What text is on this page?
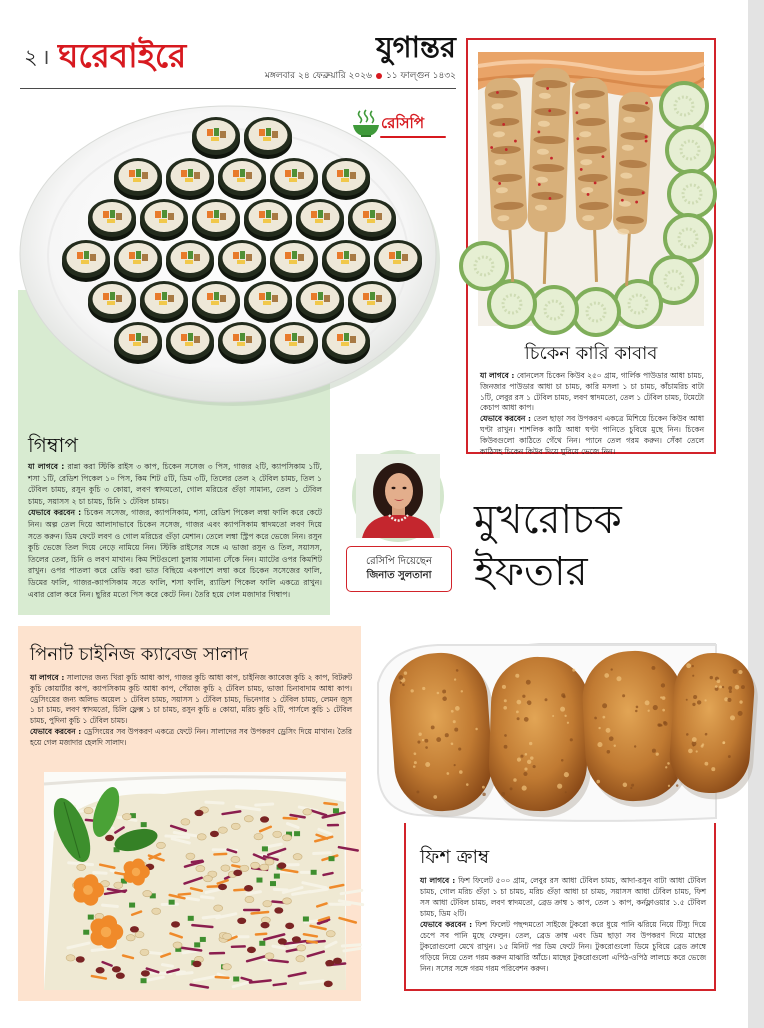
২ । ঘরেবাইরে	যুগান্তর
মঙ্গলবার ২৪ ফেব্রুয়ারি ২০২৬ ১১ ফাল্গুন ১৪৩২
রেসিপি
গিম্বাপ

যা লাগবে : রান্না করা স্টিকি রাইস ৩ কাপ, চিকেন সসেজ ৩ পিস, গাজর ২টি, ক্যাপসিকাম ১টি, শসা ১টি, রেডিশ পিকেল ১০ পিস, কিম শিট ৫টি, ডিম ৩টি, তিলের তেল ২ টেবিল চামচ, তিল ১ টেবিল চামচ, রসুন কুচি ৩ কোয়া, লবণ স্বাদমতো, গোল মরিচের গুঁড়া সামান্য, তেল ১ টেবিল চামচ, সয়াসস ২ চা চামচ, চিনি ১ টেবিল চামচ।

যেভাবে করবেন : চিকেন সসেজ, গাজর, ক্যাপসিকাম, শসা, রেডিশ পিকেল লম্বা ফালি করে কেটে নিন। অল্প তেল দিয়ে আলাদাভাবে চিকেন সসেজ, গাজর এবং ক্যাপসিকাম স্বাদমতো লবণ দিয়ে সতে করুন। ডিম ফেটে লবণ ও গোল মরিচের গুঁড়া মেশান। তেলে লম্বা স্ট্রিপ করে ভেজে নিন। রসুন কুচি ভেজে তিল দিয়ে নেড়ে নামিয়ে নিন। স্টিকি রাইসের সঙ্গে এ ভাজা রসুন ও তিল, সয়াসস, তিলের তেল, চিনি ও লবণ মাখান। কিম শিটগুলো চুলায় সামান্য সেঁকে নিন। ম্যাটের ওপর কিমশিট রাখুন। ওপর পাতলা করে রেডি করা ভাত বিছিয়ে একপাশে লম্বা করে চিকেন সসেজের ফালি, ডিমের ফালি, গাজর-ক্যাপসিকাম সতে ফালি, শসা ফালি, র‌্যাডিশ পিকেল ফালি একত্রে রাখুন। এবার রোল করে নিন। ছুরির মতো পিস করে কেটে নিন। তৈরি হয়ে গেল মজাদার গিম্বাপ।

চিকেন কারি কাবাব

যা লাগবে : বোনলেস চিকেন কিউব ২৫০ গ্রাম, গার্লিক পাউডার আধা চামচ, জিনজার পাউডার আধা চা চামচ, কারি মসলা ১ চা চামচ, কাঁচামরিচ বাটা ১টি, লেবুর রস ১ টেবিল চামচ, লবণ স্বাদমতো, তেল ১ টেবিল চামচ, টমেটো কেচাপ আধা কাপ।

যেভাবে করবেন : তেল ছাড়া সব উপকরণ একত্রে মিশিয়ে চিকেন কিউব আধা ঘণ্টা রাখুন। শাশলিক কাঠি আধা ঘণ্টা পানিতে চুবিয়ে মুছে নিন। চিকেন কিউবগুলো কাঠিতে গেঁথে নিন। প্যানে তেল গরম করুন। সেঁকা তেলে কাঠিসহ চিকেন কিউব দিয়ে ঘুরিয়ে ভেজে নিন।

রেসিপি দিয়েছেন
জিনাত সুলতানা
মুখরোচক
ইফতার
পিনাট চাইনিজ ক্যাবেজ সালাদ

যা লাগবে : সালাদের জন্য খিরা কুচি আধা কাপ, গাজর কুচি আধা কাপ, চাইনিজ ক্যাবেজ কুচি ২ কাপ, বিটরুট কুচি কোয়ার্টার কাপ, ক্যাপসিকাম কুচি আধা কাপ, পেঁয়াজ কুচি ২ টেবিল চামচ, ভাজা চিনাবাদাম আধা কাপ। ড্রেসিংয়ের জন্য অলিভ অয়েল ১ টেবিল চামচ, সয়াসস ১ টেবিল চামচ, ভিনেগার ১ টেবিল চামচ, লেমন জুস ১ চা চামচ, লবণ স্বাদমতো, চিলি ফ্লেক্স ১ চা চামচ, রসুন কুচি ৪ কোয়া, মরিচ কুচি ২টি, পার্সলে কুচি ১ টেবিল চামচ, পুদিনা কুচি ১ টেবিল চামচ।

যেভাবে করবেন : ড্রেসিংয়ের সব উপকরণ একত্রে ফেটে নিন। সালাদের সব উপকরণ ড্রেসিং দিয়ে মাখান। তৈরি হয়ে গেল মজাদার হেলদি সালাদ।

ফিশ ক্রাম্ব

যা লাগবে : ফিশ ফিলেট ৫০০ গ্রাম, লেবুর রস আধা টেবিল চামচ, আদা-রসুন বাটা আধা টেবিল চামচ, গোল মরিচ গুঁড়া ১ চা চামচ, মরিচ গুঁড়া আধা চা চামচ, সয়াসস আধা টেবিল চামচ, ফিশ সস আধা টেবিল চামচ, লবণ স্বাদমতো, ব্রেড ক্রাম্ব ১ কাপ, তেল ১ কাপ, কর্নফ্লাওয়ার ১.৫ টেবিল চামচ, ডিম ২টি।

যেভাবে করবেন : ফিশ ফিলেট পছন্দমতো সাইজে টুকরো করে ধুয়ে পানি ঝরিয়ে নিয়ে টিস্যু দিয়ে চেপে সব পানি মুছে ফেলুন। তেল, ব্রেড ক্রাম্ব এবং ডিম ছাড়া সব উপকরণ দিয়ে মাছের টুকরোগুলো মেখে রাখুন। ১৫ মিনিট পর ডিম ফেটে নিন। টুকরোগুলো ডিমে চুবিয়ে ব্রেড ক্রাম্বে গড়িয়ে নিয়ে তেল গরম করুন মাঝারি আঁচে। মাছের টুকরোগুলো এপিঠ-ওপিঠ লালচে করে ভেজে নিন। সসের সঙ্গে গরম গরম পরিবেশন করুন।
